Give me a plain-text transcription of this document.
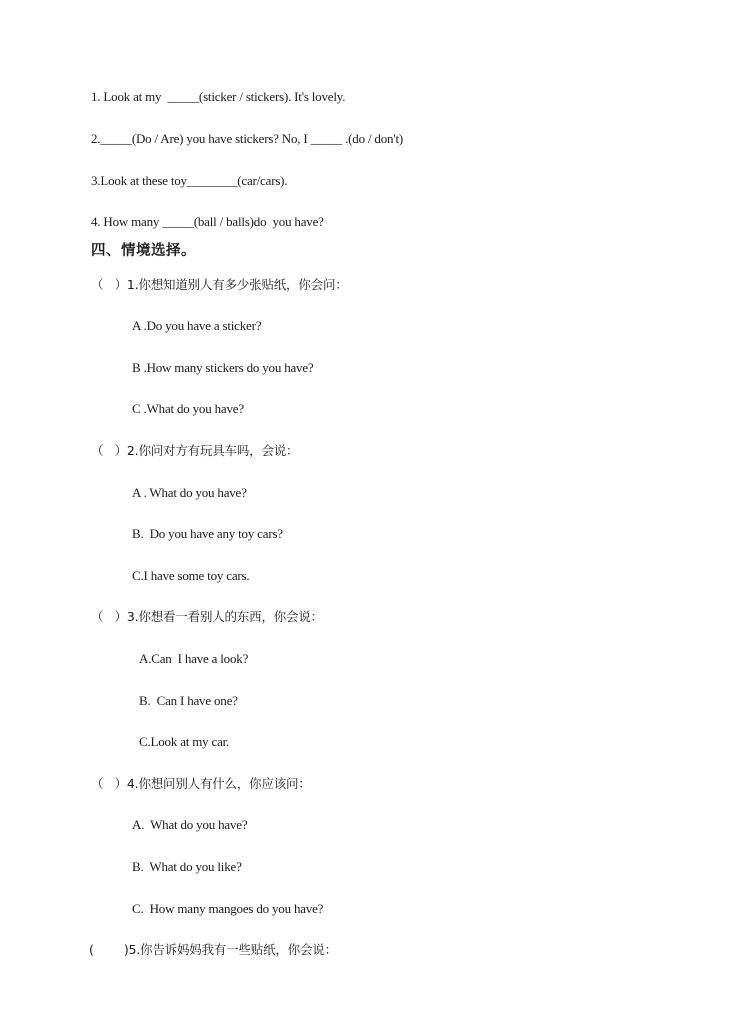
1. Look at my  _____(sticker / stickers). It's lovely.
2._____(Do / Are) you have stickers? No, I _____ .(do / don't)
3.Look at these toy________(car/cars).
4. How many _____(ball / balls)do  you have?
四、情境选择。
（   ）1.你想知道别人有多少张贴纸，你会问：
A .Do you have a sticker?
B .How many stickers do you have?
C .What do you have?
（   ）2.你问对方有玩具车吗，会说：
A . What do you have?
B.  Do you have any toy cars?
C.I have some toy cars.
（   ）3.你想看一看别人的东西，你会说：
A.Can  I have a look?
B.  Can I have one?
C.Look at my car.
（   ）4.你想问别人有什么，你应该问：
A.  What do you have?
B.  What do you like?
C.  How many mangoes do you have?
(        )5.你告诉妈妈我有一些贴纸，你会说：
